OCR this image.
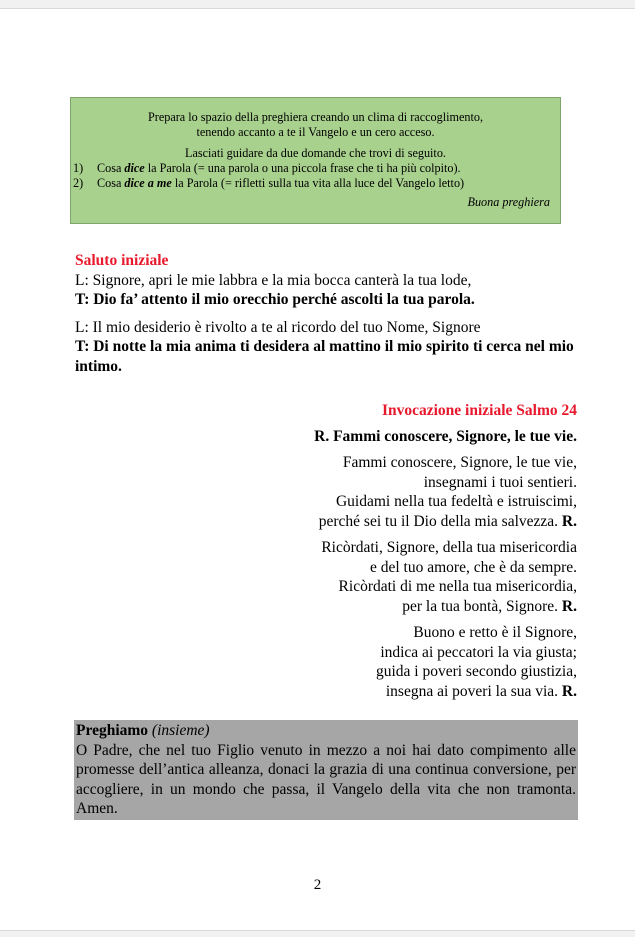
Prepara lo spazio della preghiera creando un clima di raccoglimento,
tenendo accanto a te il Vangelo e un cero acceso.
Lasciati guidare da due domande che trovi di seguito.
1) Cosa dice la Parola (= una parola o una piccola frase che ti ha più colpito).
2) Cosa dice a me la Parola (= rifletti sulla tua vita alla luce del Vangelo letto)
Buona preghiera
Saluto iniziale
L: Signore, apri le mie labbra e la mia bocca canterà la tua lode,
T: Dio fa’ attento il mio orecchio perché ascolti la tua parola.
L: Il mio desiderio è rivolto a te al ricordo del tuo Nome, Signore
T: Di notte la mia anima ti desidera al mattino il mio spirito ti cerca nel mio intimo.
Invocazione iniziale Salmo 24
R. Fammi conoscere, Signore, le tue vie.
Fammi conoscere, Signore, le tue vie,
insegnami i tuoi sentieri.
Guidami nella tua fedeltà e istruiscimi,
perché sei tu il Dio della mia salvezza. R.
Ricòrdati, Signore, della tua misericordia
e del tuo amore, che è da sempre.
Ricòrdati di me nella tua misericordia,
per la tua bontà, Signore. R.
Buono e retto è il Signore,
indica ai peccatori la via giusta;
guida i poveri secondo giustizia,
insegna ai poveri la sua via. R.
Preghiamo (insieme)
O Padre, che nel tuo Figlio venuto in mezzo a noi hai dato compimento alle promesse dell’antica alleanza, donaci la grazia di una continua conversione, per accogliere, in un mondo che passa, il Vangelo della vita che non tramonta. Amen.
2
